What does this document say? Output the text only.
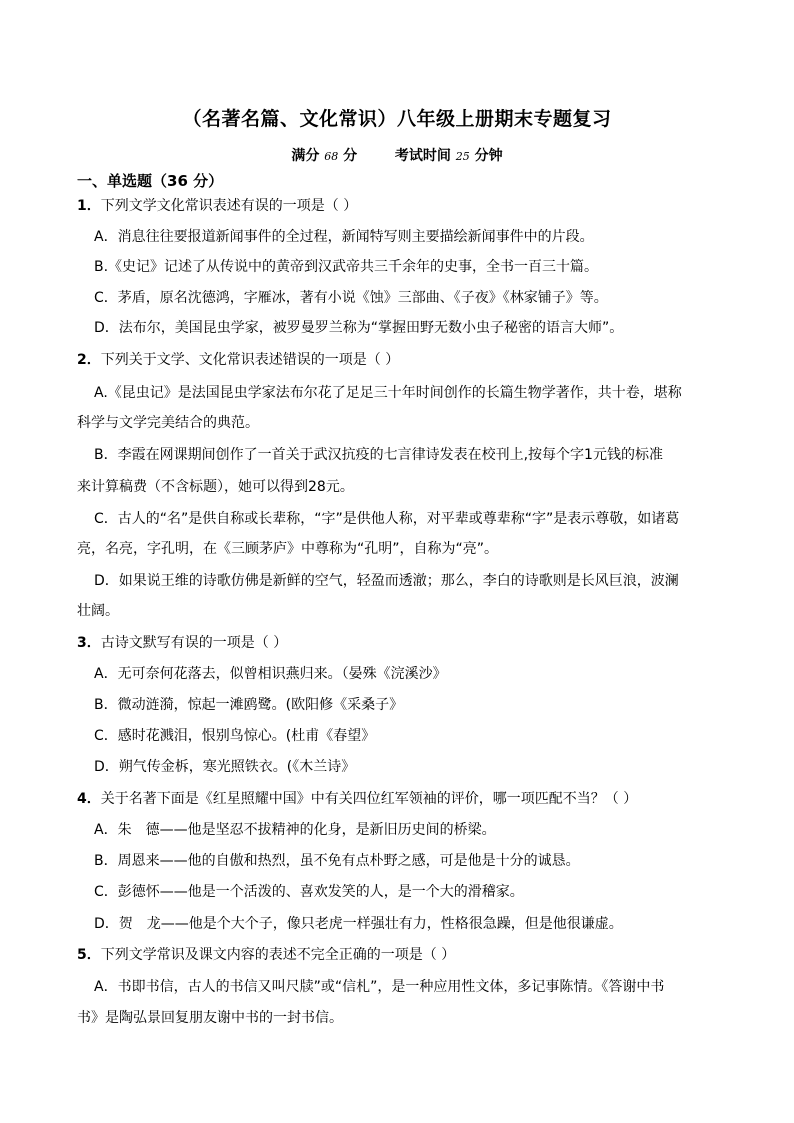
（名著名篇、文化常识）八年级上册期末专题复习
满分 68 分	考试时间 25 分钟
一、单选题（36 分）
1．下列文学文化常识表述有误的一项是（ ）
A．消息往往要报道新闻事件的全过程，新闻特写则主要描绘新闻事件中的片段。
B.《史记》记述了从传说中的黄帝到汉武帝共三千余年的史事，全书一百三十篇。
C．茅盾，原名沈德鸿，字雁冰，著有小说《蚀》三部曲、《子夜》《林家铺子》等。
D．法布尔，美国昆虫学家，被罗曼罗兰称为“掌握田野无数小虫子秘密的语言大师”。
2．下列关于文学、文化常识表述错误的一项是（ ）
A.《昆虫记》是法国昆虫学家法布尔花了足足三十年时间创作的长篇生物学著作，共十卷，堪称
科学与文学完美结合的典范。
B．李霞在网课期间创作了一首关于武汉抗疫的七言律诗发表在校刊上,按每个字1元钱的标准
来计算稿费（不含标题），她可以得到28元。
C．古人的“名”是供自称或长辈称，“字”是供他人称，对平辈或尊辈称“字”是表示尊敬，如诸葛
亮，名亮，字孔明，在《三顾茅庐》中尊称为“孔明”，自称为“亮”。
D．如果说王维的诗歌仿佛是新鲜的空气，轻盈而透澈；那么，李白的诗歌则是长风巨浪，波澜
壮阔。
3．古诗文默写有误的一项是（ ）
A．无可奈何花落去，似曾相识燕归来。（晏殊《浣溪沙》
B．微动涟漪，惊起一滩鸥鹭。(欧阳修《采桑子》
C．感时花溅泪，恨别鸟惊心。(杜甫《春望》
D．朔气传金柝，寒光照铁衣。(《木兰诗》
4．关于名著下面是《红星照耀中国》中有关四位红军领袖的评价，哪一项匹配不当？（ ）
A．朱　德——他是坚忍不拔精神的化身，是新旧历史间的桥梁。
B．周恩来——他的自傲和热烈，虽不免有点朴野之感，可是他是十分的诚恳。
C．彭德怀——他是一个活泼的、喜欢发笑的人，是一个大的滑稽家。
D．贺　龙——他是个大个子，像只老虎一样强壮有力，性格很急躁，但是他很谦虚。
5．下列文学常识及课文内容的表述不完全正确的一项是（ ）
A．书即书信，古人的书信又叫尺牍”或“信札”，是一种应用性文体，多记事陈情。《答谢中书
书》是陶弘景回复朋友谢中书的一封书信。
